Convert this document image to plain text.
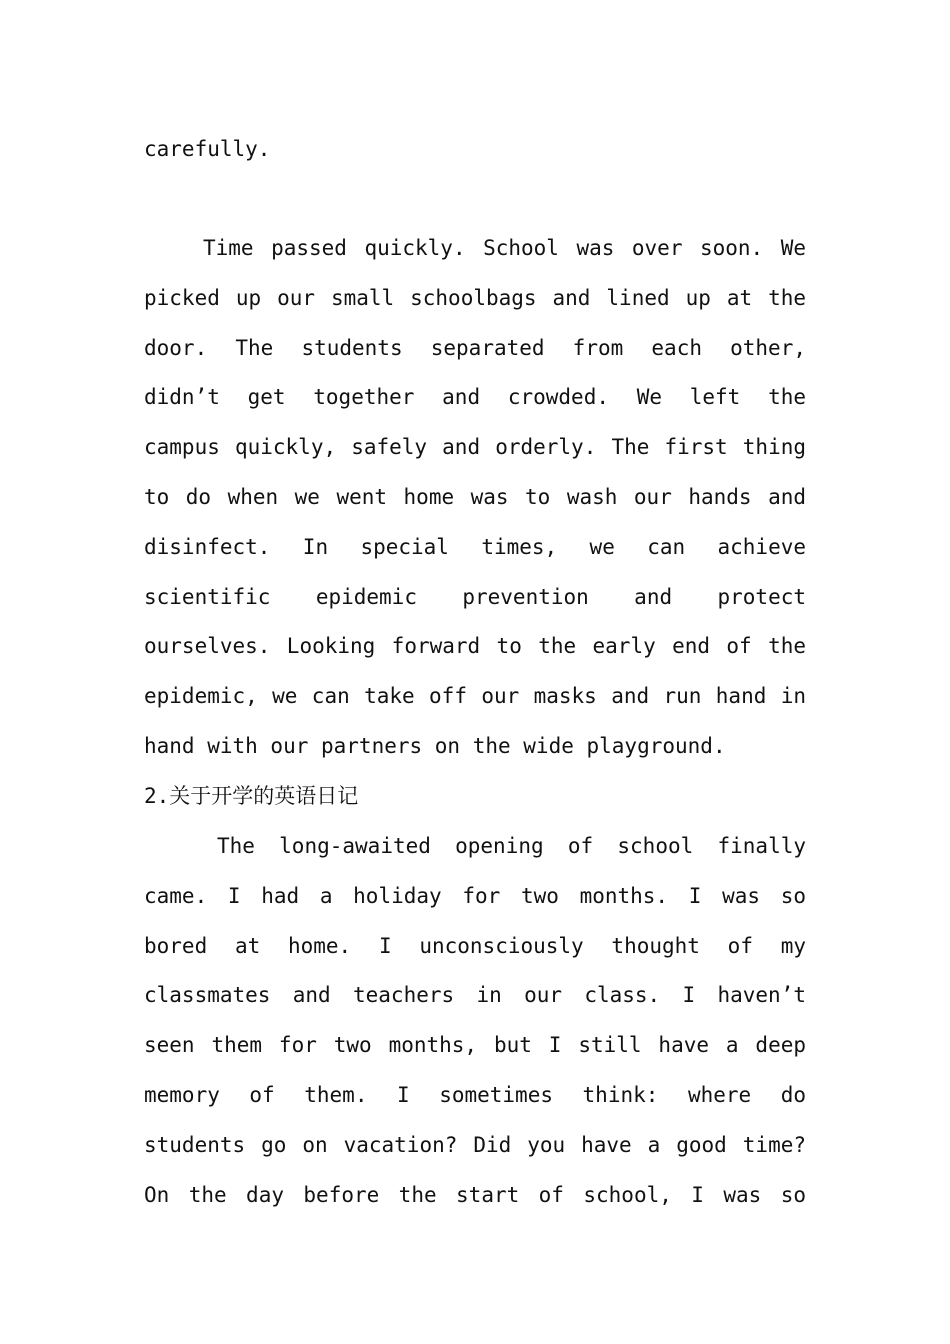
carefully.
Time passed quickly. School was over soon. We
picked up our small schoolbags and lined up at the
door. The students separated from each other,
didn’t get together and crowded. We left the
campus quickly, safely and orderly. The first thing
to do when we went home was to wash our hands and
disinfect. In special times, we can achieve
scientific epidemic prevention and protect
ourselves. Looking forward to the early end of the
epidemic, we can take off our masks and run hand in
hand with our partners on the wide playground.
2.关于开学的英语日记
The long-awaited opening of school finally
came. I had a holiday for two months. I was so
bored at home. I unconsciously thought of my
classmates and teachers in our class. I haven’t
seen them for two months, but I still have a deep
memory of them. I sometimes think: where do
students go on vacation? Did you have a good time?
On the day before the start of school, I was so
